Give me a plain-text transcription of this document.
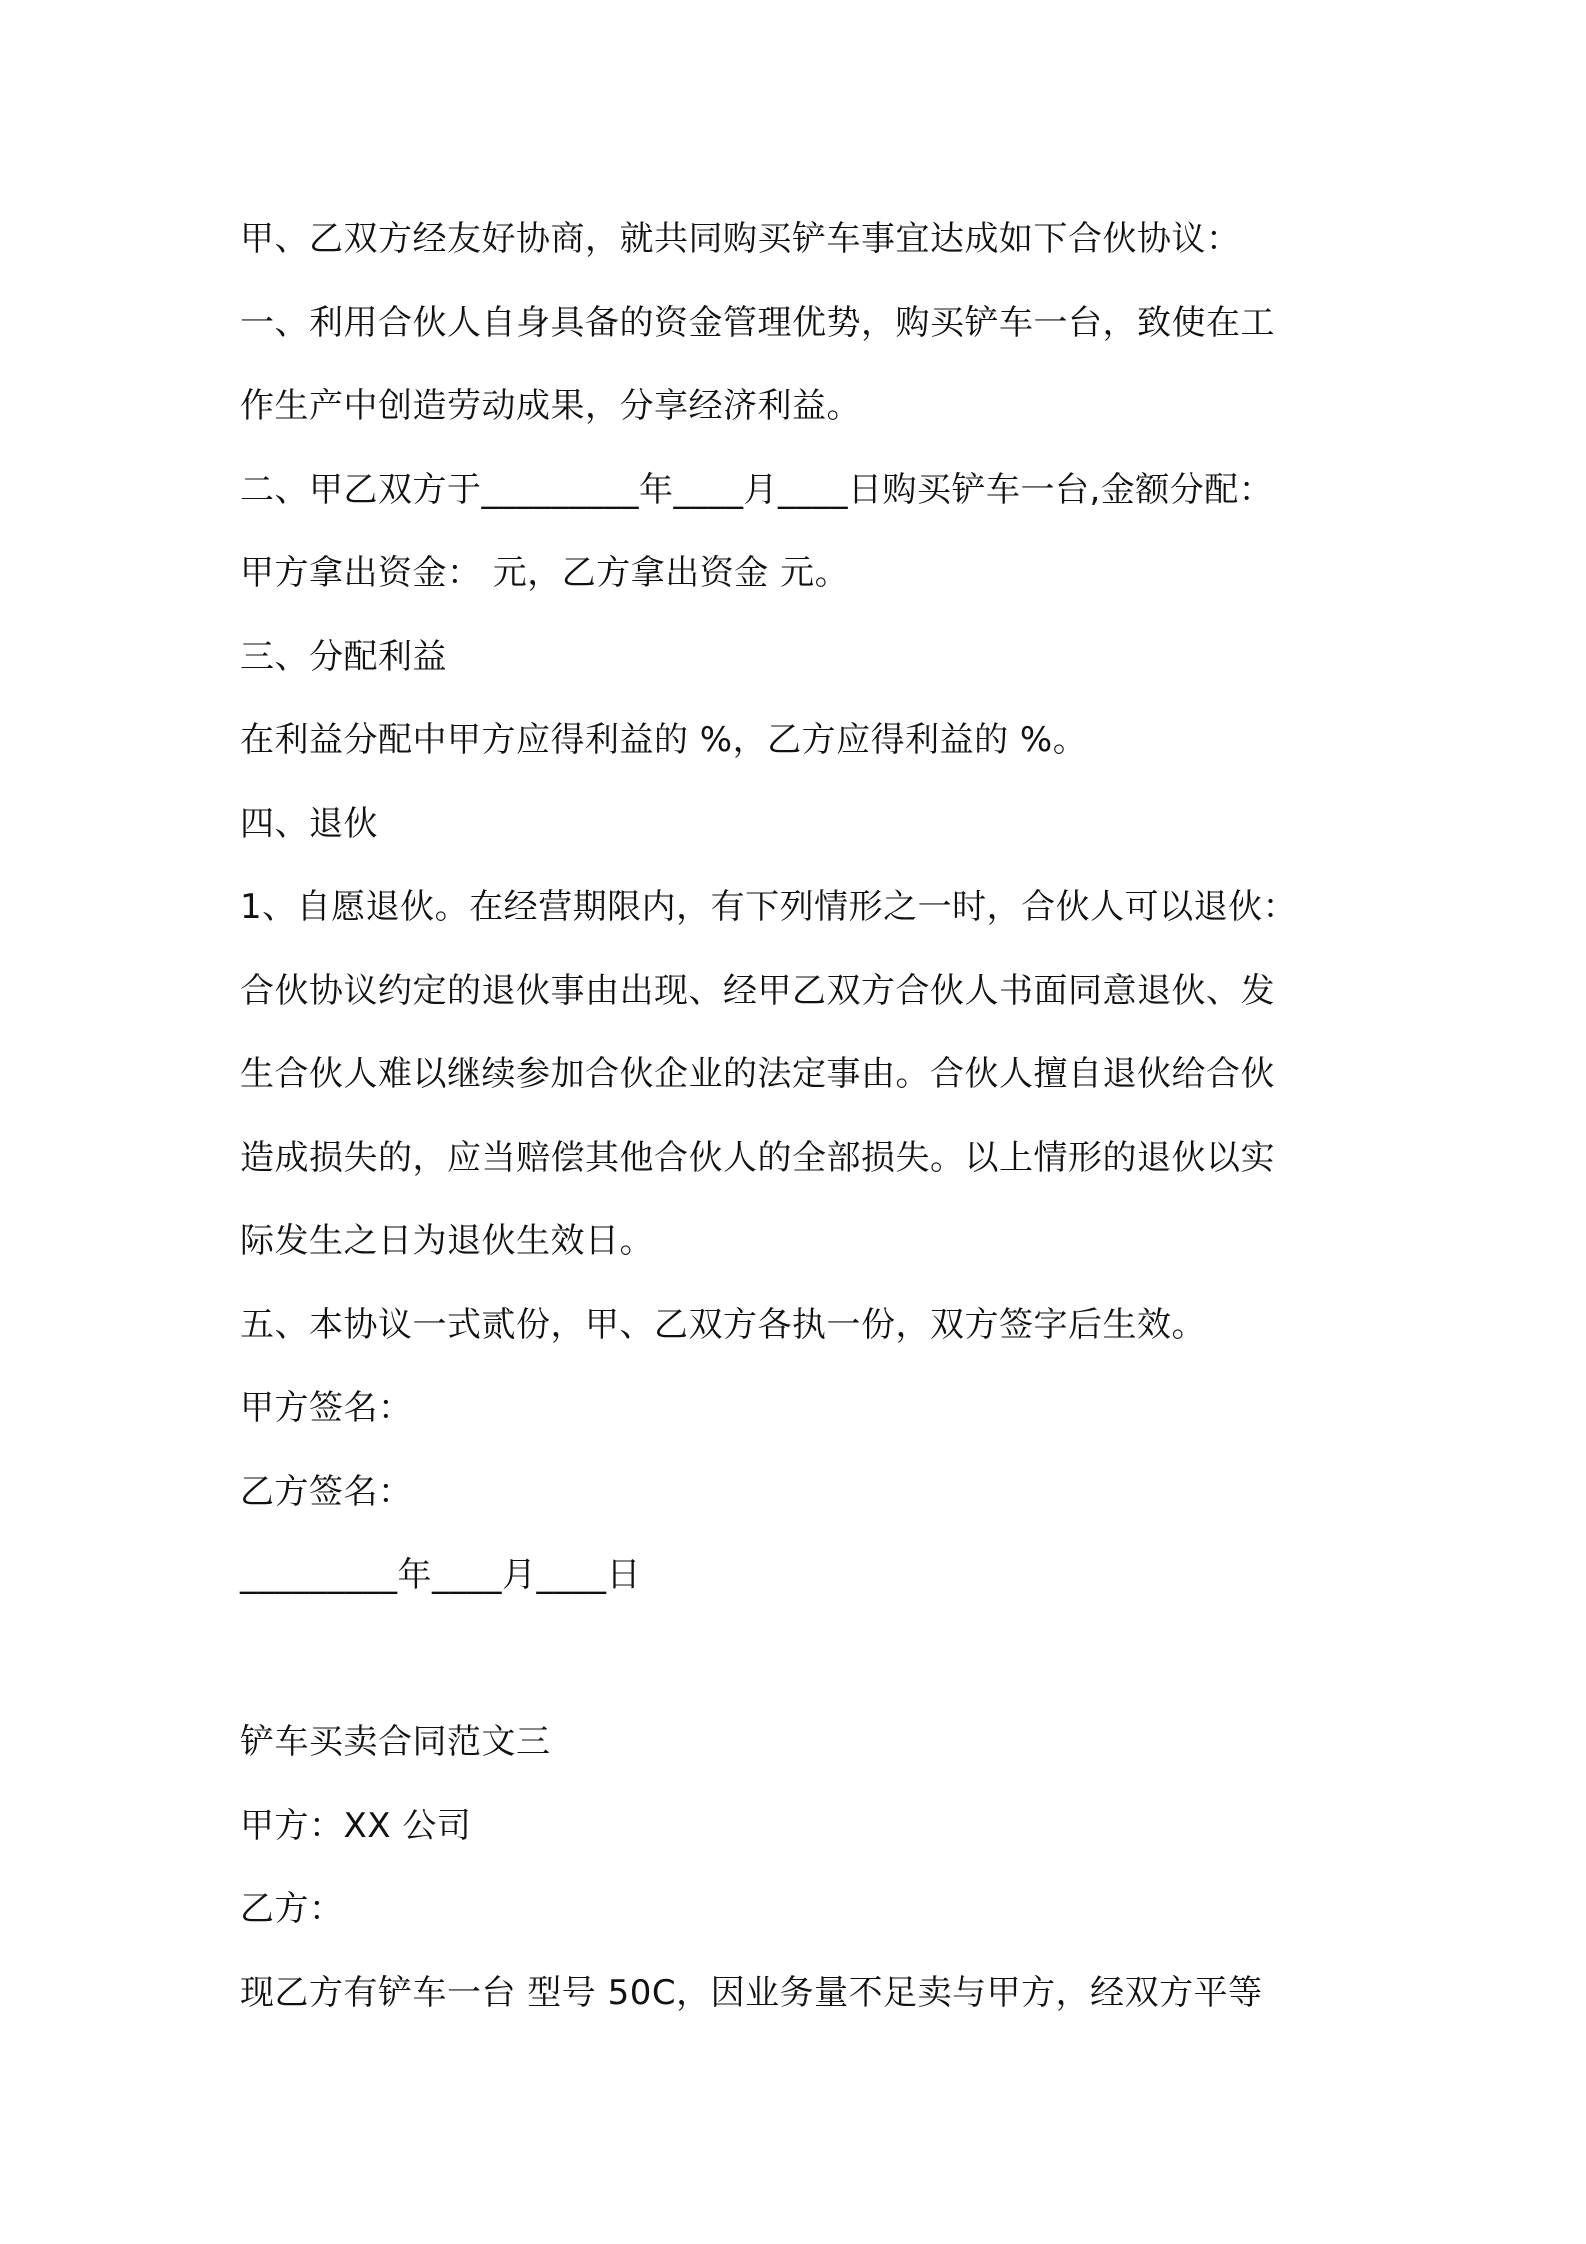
甲、乙双方经友好协商，就共同购买铲车事宜达成如下合伙协议：
一、利用合伙人自身具备的资金管理优势，购买铲车一台，致使在工
作生产中创造劳动成果，分享经济利益。
二、甲乙双方于_________年____月____日购买铲车一台,金额分配：
甲方拿出资金： 元，乙方拿出资金 元。
三、分配利益
在利益分配中甲方应得利益的 %，乙方应得利益的 %。
四、退伙
1、自愿退伙。在经营期限内，有下列情形之一时，合伙人可以退伙：
合伙协议约定的退伙事由出现、经甲乙双方合伙人书面同意退伙、发
生合伙人难以继续参加合伙企业的法定事由。合伙人擅自退伙给合伙
造成损失的，应当赔偿其他合伙人的全部损失。以上情形的退伙以实
际发生之日为退伙生效日。
五、本协议一式贰份，甲、乙双方各执一份，双方签字后生效。
甲方签名：
乙方签名：
_________年____月____日
铲车买卖合同范文三
甲方：XX 公司
乙方：
现乙方有铲车一台 型号 50C，因业务量不足卖与甲方，经双方平等
